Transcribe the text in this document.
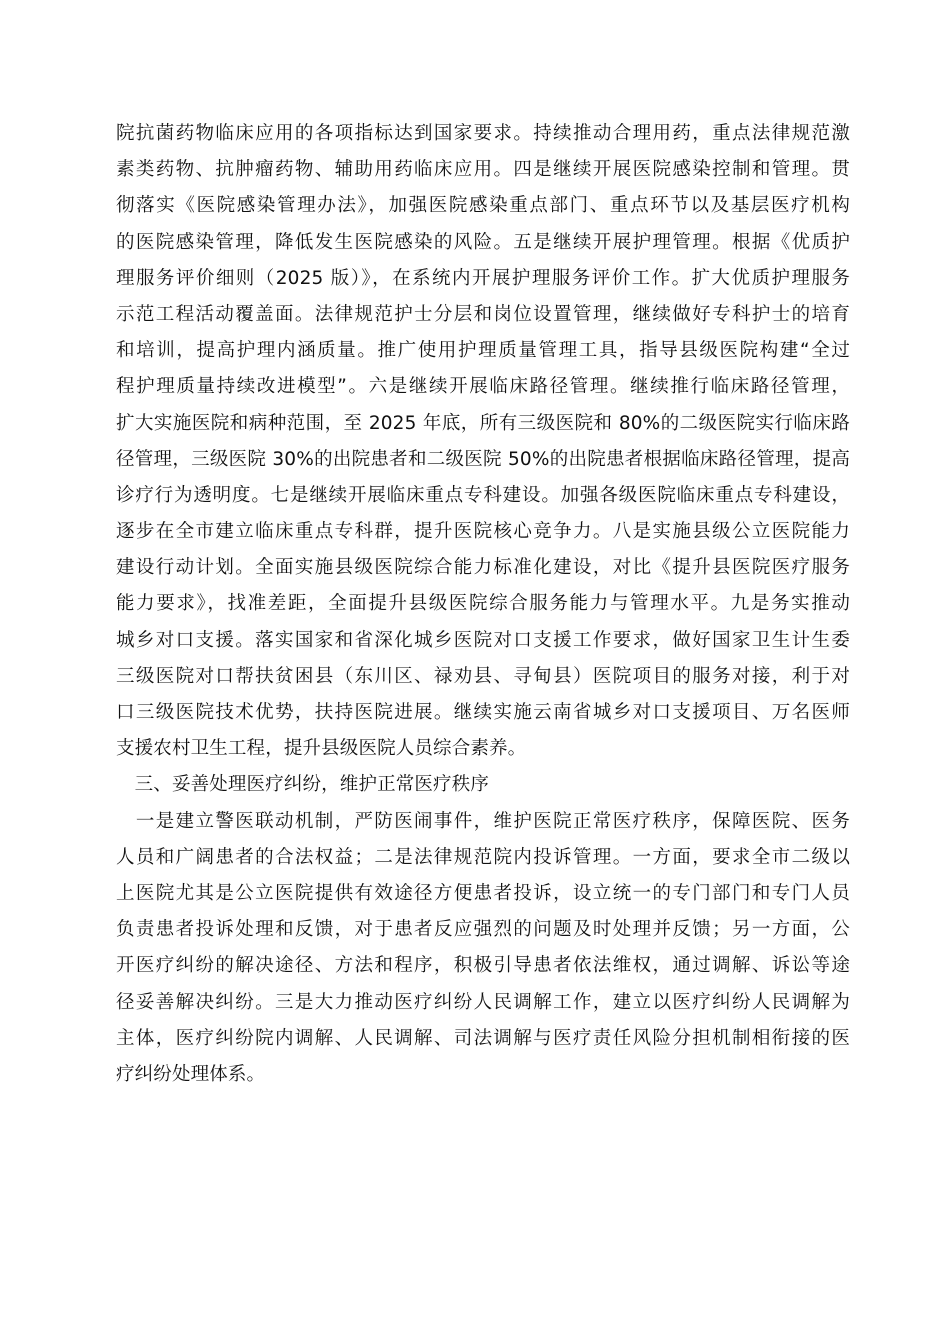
院抗菌药物临床应用的各项指标达到国家要求。持续推动合理用药，重点法律规范激
素类药物、抗肿瘤药物、辅助用药临床应用。四是继续开展医院感染控制和管理。贯
彻落实《医院感染管理办法》，加强医院感染重点部门、重点环节以及基层医疗机构
的医院感染管理，降低发生医院感染的风险。五是继续开展护理管理。根据《优质护
理服务评价细则（2025 版）》，在系统内开展护理服务评价工作。扩大优质护理服务
示范工程活动覆盖面。法律规范护士分层和岗位设置管理，继续做好专科护士的培育
和培训，提高护理内涵质量。推广使用护理质量管理工具，指导县级医院构建“全过
程护理质量持续改进模型”。六是继续开展临床路径管理。继续推行临床路径管理，
扩大实施医院和病种范围，至 2025 年底，所有三级医院和 80%的二级医院实行临床路
径管理，三级医院 30%的出院患者和二级医院 50%的出院患者根据临床路径管理，提高
诊疗行为透明度。七是继续开展临床重点专科建设。加强各级医院临床重点专科建设，
逐步在全市建立临床重点专科群，提升医院核心竞争力。八是实施县级公立医院能力
建设行动计划。全面实施县级医院综合能力标准化建设，对比《提升县医院医疗服务
能力要求》，找准差距，全面提升县级医院综合服务能力与管理水平。九是务实推动
城乡对口支援。落实国家和省深化城乡医院对口支援工作要求，做好国家卫生计生委
三级医院对口帮扶贫困县（东川区、禄劝县、寻甸县）医院项目的服务对接，利于对
口三级医院技术优势，扶持医院进展。继续实施云南省城乡对口支援项目、万名医师
支援农村卫生工程，提升县级医院人员综合素养。
　三、妥善处理医疗纠纷，维护正常医疗秩序
　一是建立警医联动机制，严防医闹事件，维护医院正常医疗秩序，保障医院、医务
人员和广阔患者的合法权益；二是法律规范院内投诉管理。一方面，要求全市二级以
上医院尤其是公立医院提供有效途径方便患者投诉，设立统一的专门部门和专门人员
负责患者投诉处理和反馈，对于患者反应强烈的问题及时处理并反馈；另一方面，公
开医疗纠纷的解决途径、方法和程序，积极引导患者依法维权，通过调解、诉讼等途
径妥善解决纠纷。三是大力推动医疗纠纷人民调解工作，建立以医疗纠纷人民调解为
主体，医疗纠纷院内调解、人民调解、司法调解与医疗责任风险分担机制相衔接的医
疗纠纷处理体系。
